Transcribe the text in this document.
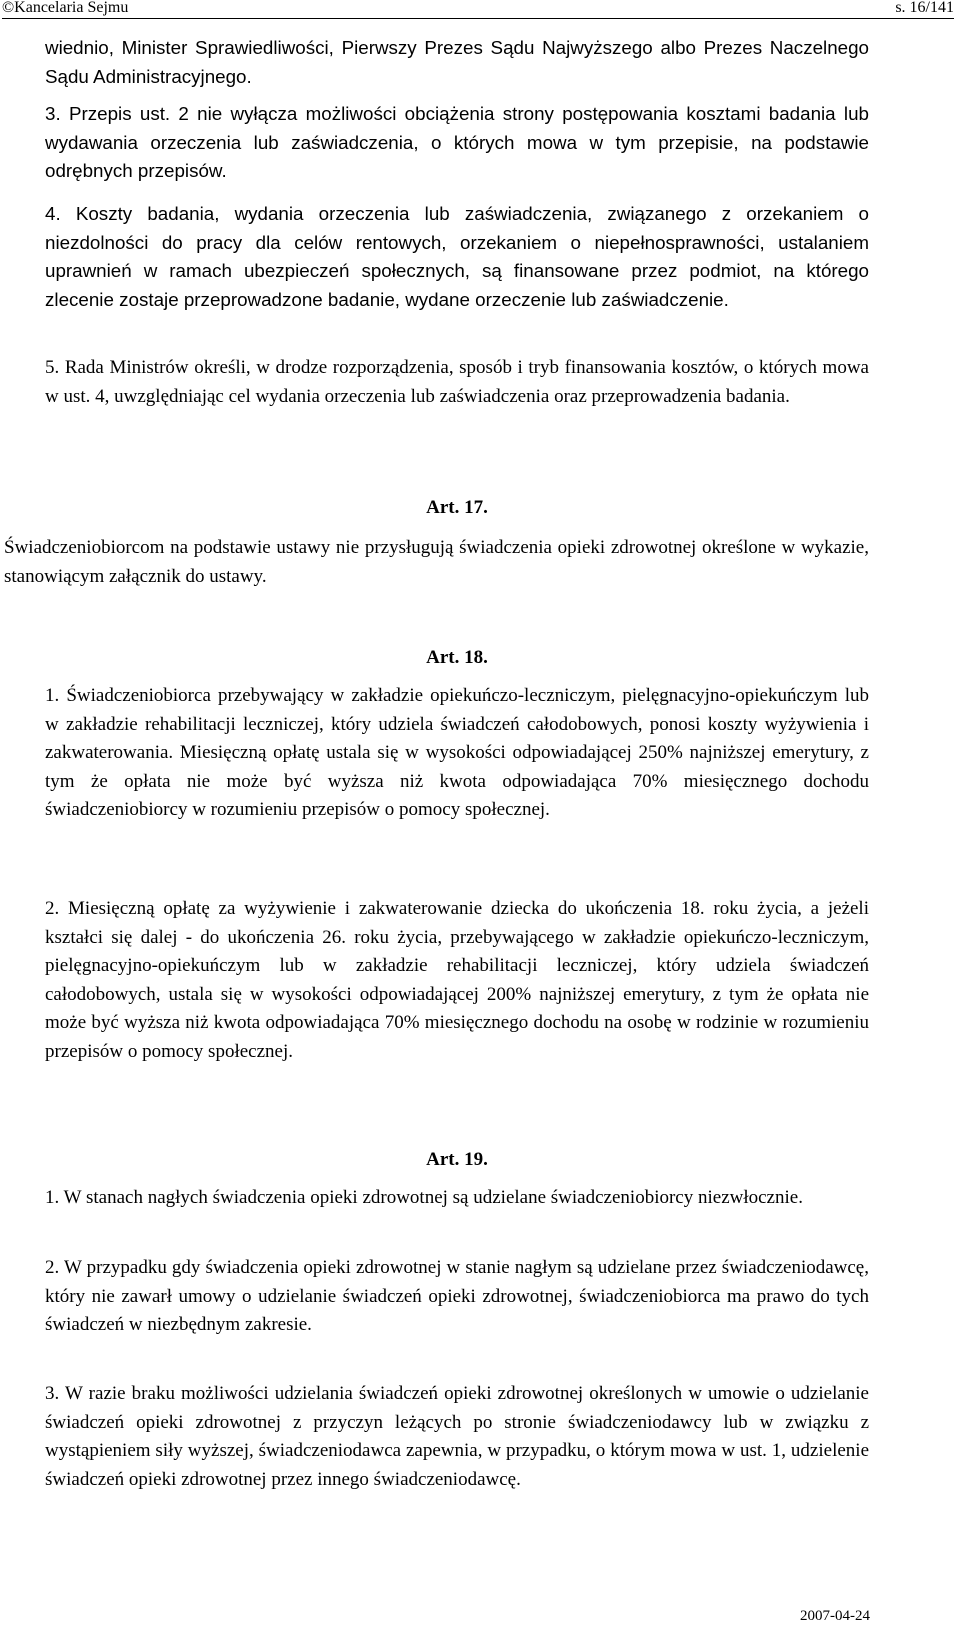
©Kancelaria Sejmu	s. 16/141

wiednio, Minister Sprawiedliwości, Pierwszy Prezes Sądu Najwyższego albo Prezes Naczelnego Sądu Administracyjnego.

3. Przepis ust. 2 nie wyłącza możliwości obciążenia strony postępowania kosztami badania lub wydawania orzeczenia lub zaświadczenia, o których mowa w tym przepisie, na podstawie odrębnych przepisów.

4. Koszty badania, wydania orzeczenia lub zaświadczenia, związanego z orzekaniem o niezdolności do pracy dla celów rentowych, orzekaniem o niepełnosprawności, ustalaniem uprawnień w ramach ubezpieczeń społecznych, są finansowane przez podmiot, na którego zlecenie zostaje przeprowadzone badanie, wydane orzeczenie lub zaświadczenie.

5. Rada Ministrów określi, w drodze rozporządzenia, sposób i tryb finansowania kosztów, o których mowa w ust. 4, uwzględniając cel wydania orzeczenia lub zaświadczenia oraz przeprowadzenia badania.

Art. 17.

Świadczeniobiorcom na podstawie ustawy nie przysługują świadczenia opieki zdrowotnej określone w wykazie, stanowiącym załącznik do ustawy.

Art. 18.

1. Świadczeniobiorca przebywający w zakładzie opiekuńczo-leczniczym, pielęgnacyjno-opiekuńczym lub w zakładzie rehabilitacji leczniczej, który udziela świadczeń całodobowych, ponosi koszty wyżywienia i zakwaterowania. Miesięczną opłatę ustala się w wysokości odpowiadającej 250% najniższej emerytury, z tym że opłata nie może być wyższa niż kwota odpowiadająca 70% miesięcznego dochodu świadczeniobiorcy w rozumieniu przepisów o pomocy społecznej.

2. Miesięczną opłatę za wyżywienie i zakwaterowanie dziecka do ukończenia 18. roku życia, a jeżeli kształci się dalej - do ukończenia 26. roku życia, przebywającego w zakładzie opiekuńczo-leczniczym, pielęgnacyjno-opiekuńczym lub w zakładzie rehabilitacji leczniczej, który udziela świadczeń całodobowych, ustala się w wysokości odpowiadającej 200% najniższej emerytury, z tym że opłata nie może być wyższa niż kwota odpowiadająca 70% miesięcznego dochodu na osobę w rodzinie w rozumieniu przepisów o pomocy społecznej.

Art. 19.

1. W stanach nagłych świadczenia opieki zdrowotnej są udzielane świadczeniobiorcy niezwłocznie.

2. W przypadku gdy świadczenia opieki zdrowotnej w stanie nagłym są udzielane przez świadczeniodawcę, który nie zawarł umowy o udzielanie świadczeń opieki zdrowotnej, świadczeniobiorca ma prawo do tych świadczeń w niezbędnym zakresie.

3. W razie braku możliwości udzielania świadczeń opieki zdrowotnej określonych w umowie o udzielanie świadczeń opieki zdrowotnej z przyczyn leżących po stronie świadczeniodawcy lub w związku z wystąpieniem siły wyższej, świadczeniodawca zapewnia, w przypadku, o którym mowa w ust. 1, udzielenie świadczeń opieki zdrowotnej przez innego świadczeniodawcę.

2007-04-24
